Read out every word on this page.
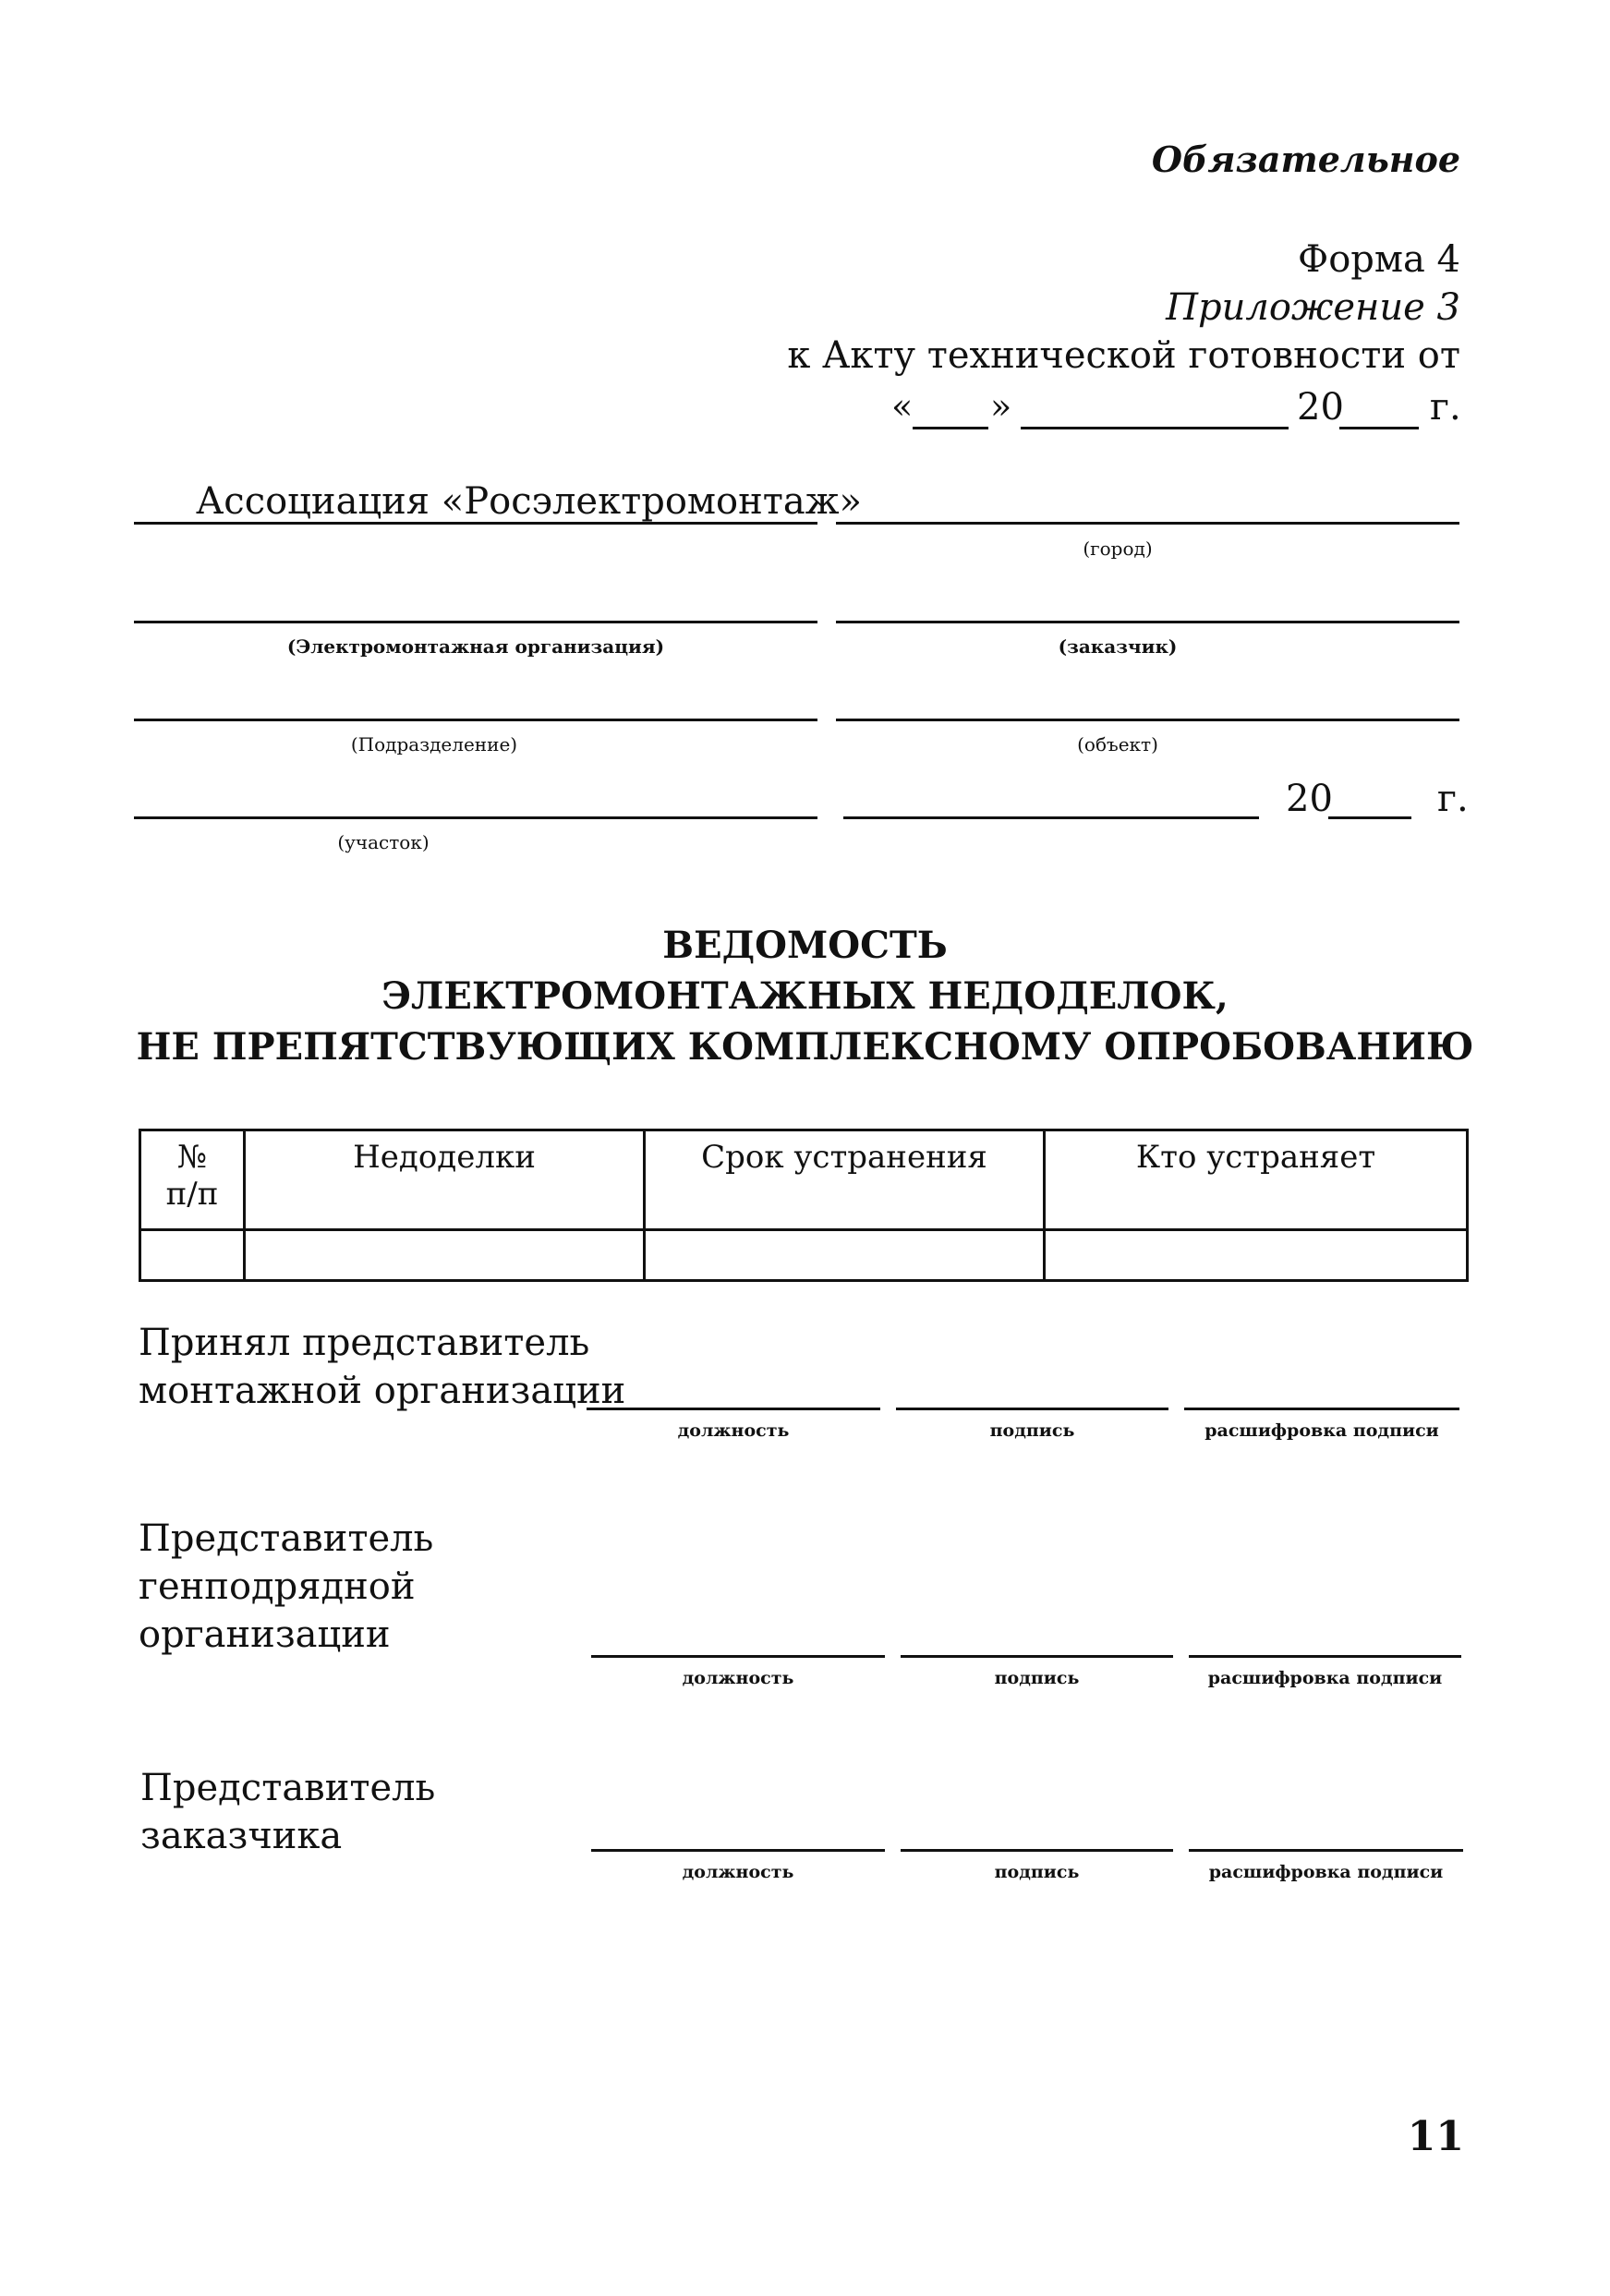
Обязательное
Форма 4
Приложение 3
к Акту технической готовности от
« »	20 г.
Ассоциация «Росэлектромонтаж»
(город)
(Электромонтажная организация)	(заказчик)
(Подразделение)	(объект)
20	г.
(участок)
ВЕДОМОСТЬ
ЭЛЕКТРОМОНТАЖНЫХ НЕДОДЕЛОК,
НЕ ПРЕПЯТСТВУЮЩИХ КОМПЛЕКСНОМУ ОПРОБОВАНИЮ
№
п/п	Недоделки	Срок устранения	Кто устраняет

Принял представитель
монтажной организации
должность	подпись	расшифровка подписи
Представитель
генподрядной
организации
должность	подпись	расшифровка подписи
Представитель
заказчика
должность	подпись	расшифровка подписи
11
